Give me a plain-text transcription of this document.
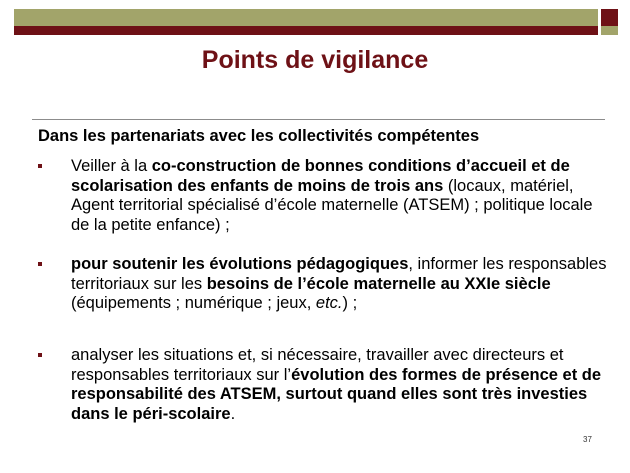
Points de vigilance
Dans les partenariats avec les collectivités compétentes
Veiller à la co-construction de bonnes conditions d’accueil et de scolarisation des enfants de moins de trois ans (locaux, matériel, Agent territorial spécialisé d’école maternelle (ATSEM) ; politique locale de la petite enfance) ;
pour soutenir les évolutions pédagogiques, informer les responsables territoriaux sur les besoins de l’école maternelle au XXIe siècle (équipements ; numérique ; jeux, etc.) ;
analyser les situations et, si nécessaire, travailler avec directeurs et responsables territoriaux sur l’évolution des formes de présence et de responsabilité des ATSEM, surtout quand elles sont très investies dans le péri-scolaire.
37
